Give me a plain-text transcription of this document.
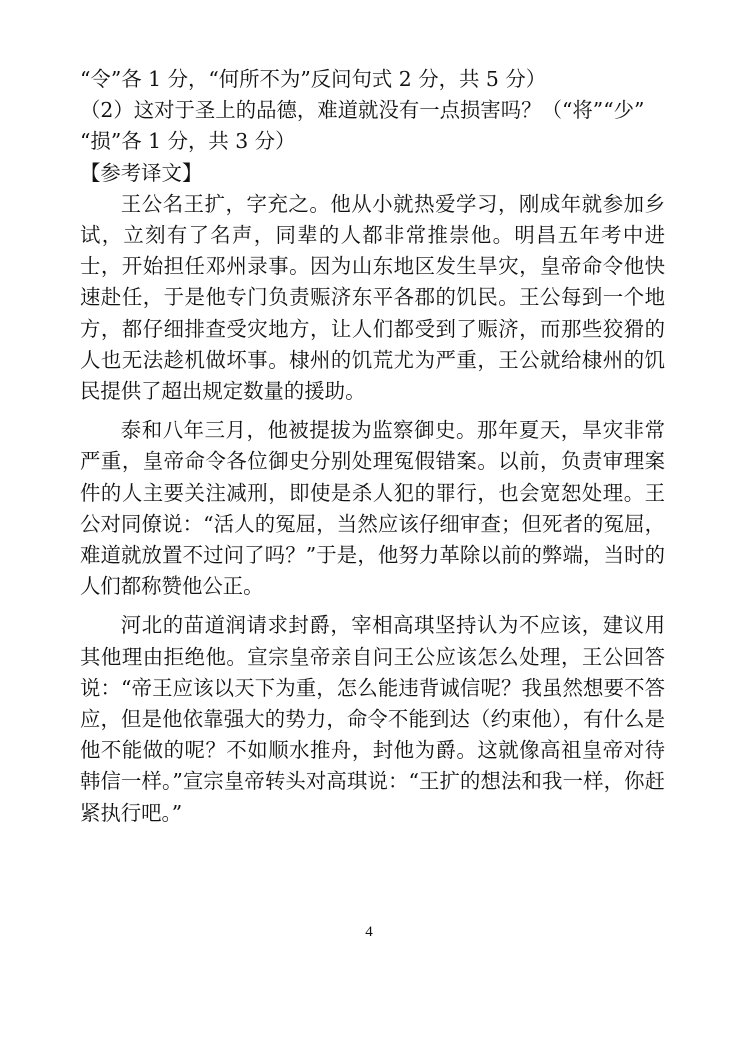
“令”各 1 分，“何所不为”反问句式 2 分，共 5 分）
（2）这对于圣上的品德，难道就没有一点损害吗？（“将”“少”
“损”各 1 分，共 3 分）
【参考译文】

王公名王扩，字充之。他从小就热爱学习，刚成年就参加乡试，立刻有了名声，同辈的人都非常推崇他。明昌五年考中进士，开始担任邓州录事。因为山东地区发生旱灾，皇帝命令他快速赴任，于是他专门负责赈济东平各郡的饥民。王公每到一个地方，都仔细排查受灾地方，让人们都受到了赈济，而那些狡猾的人也无法趁机做坏事。棣州的饥荒尤为严重，王公就给棣州的饥民提供了超出规定数量的援助。

泰和八年三月，他被提拔为监察御史。那年夏天，旱灾非常严重，皇帝命令各位御史分别处理冤假错案。以前，负责审理案件的人主要关注减刑，即使是杀人犯的罪行，也会宽恕处理。王公对同僚说：“活人的冤屈，当然应该仔细审查；但死者的冤屈，难道就放置不过问了吗？”于是，他努力革除以前的弊端，当时的人们都称赞他公正。

河北的苗道润请求封爵，宰相高琪坚持认为不应该，建议用其他理由拒绝他。宣宗皇帝亲自问王公应该怎么处理，王公回答说：“帝王应该以天下为重，怎么能违背诚信呢？我虽然想要不答应，但是他依靠强大的势力，命令不能到达（约束他），有什么是他不能做的呢？不如顺水推舟，封他为爵。这就像高祖皇帝对待韩信一样。”宣宗皇帝转头对高琪说：“王扩的想法和我一样，你赶紧执行吧。”

4
